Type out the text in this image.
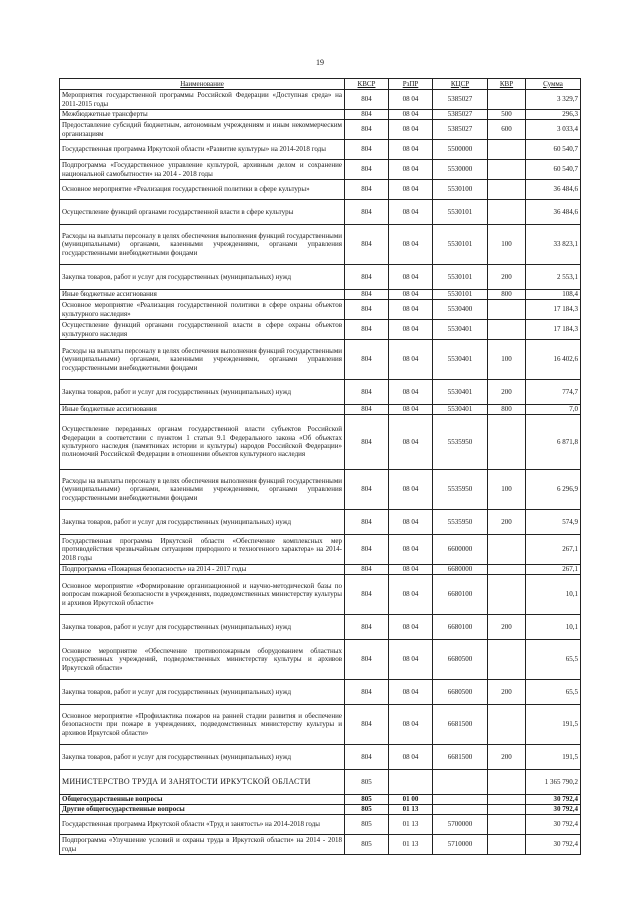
19
Наименование	КВСР	РзПР	КЦСР	КВР	Сумма
Мероприятия государственной программы Российской Федерации «Доступная среда» на 2011-2015 годы	804	08 04	5385027		3 329,7
Межбюджетные трансферты	804	08 04	5385027	500	296,3
Предоставление субсидий бюджетным, автономным учреждениям и иным некоммерческим организациям	804	08 04	5385027	600	3 033,4
Государственная программа Иркутской области «Развитие культуры» на 2014-2018 годы	804	08 04	5500000		60 540,7
Подпрограмма «Государственное управление культурой, архивным делом и сохранение национальной самобытности» на 2014 - 2018 годы	804	08 04	5530000		60 540,7
Основное мероприятие «Реализация государственной политики в сфере культуры»	804	08 04	5530100		36 484,6
Осуществление функций органами государственной власти в сфере культуры	804	08 04	5530101		36 484,6
Расходы на выплаты персоналу в целях обеспечения выполнения функций государственными (муниципальными) органами, казенными учреждениями, органами управления государственными внебюджетными фондами	804	08 04	5530101	100	33 823,1
Закупка товаров, работ и услуг для государственных (муниципальных) нужд	804	08 04	5530101	200	2 553,1
Иные бюджетные ассигнования	804	08 04	5530101	800	108,4
Основное мероприятие «Реализация государственной политики в сфере охраны объектов культурного наследия»	804	08 04	5530400		17 184,3
Осуществление функций органами государственной власти в сфере охраны объектов культурного наследия	804	08 04	5530401		17 184,3
Расходы на выплаты персоналу в целях обеспечения выполнения функций государственными (муниципальными) органами, казенными учреждениями, органами управления государственными внебюджетными фондами	804	08 04	5530401	100	16 402,6
Закупка товаров, работ и услуг для государственных (муниципальных) нужд	804	08 04	5530401	200	774,7
Иные бюджетные ассигнования	804	08 04	5530401	800	7,0
Осуществление переданных органам государственной власти субъектов Российской Федерации в соответствии с пунктом 1 статьи 9.1 Федерального закона «Об объектах культурного наследия (памятниках истории и культуры) народов Российской Федерации» полномочий Российской Федерации в отношении объектов культурного наследия	804	08 04	5535950		6 871,8
Расходы на выплаты персоналу в целях обеспечения выполнения функций государственными (муниципальными) органами, казенными учреждениями, органами управления государственными внебюджетными фондами	804	08 04	5535950	100	6 296,9
Закупка товаров, работ и услуг для государственных (муниципальных) нужд	804	08 04	5535950	200	574,9
Государственная программа Иркутской области «Обеспечение комплексных мер противодействия чрезвычайным ситуациям природного и техногенного характера» на 2014-2018 годы	804	08 04	6600000		267,1
Подпрограмма «Пожарная безопасность» на 2014 - 2017 годы	804	08 04	6680000		267,1
Основное мероприятие «Формирование организационной и научно-методической базы по вопросам пожарной безопасности в учреждениях, подведомственных министерству культуры и архивов Иркутской области»	804	08 04	6680100		10,1
Закупка товаров, работ и услуг для государственных (муниципальных) нужд	804	08 04	6680100	200	10,1
Основное мероприятие «Обеспечение противопожарным оборудованием областных государственных учреждений, подведомственных министерству культуры и архивов Иркутской области»	804	08 04	6680500		65,5
Закупка товаров, работ и услуг для государственных (муниципальных) нужд	804	08 04	6680500	200	65,5
Основное мероприятие «Профилактика пожаров на ранней стадии развития и обеспечение безопасности при пожаре в учреждениях, подведомственных министерству культуры и архивов Иркутской области»	804	08 04	6681500		191,5
Закупка товаров, работ и услуг для государственных (муниципальных) нужд	804	08 04	6681500	200	191,5
МИНИСТЕРСТВО ТРУДА И ЗАНЯТОСТИ ИРКУТСКОЙ ОБЛАСТИ	805				1 365 790,2
Общегосударственные вопросы	805	01 00			30 792,4
Другие общегосударственные вопросы	805	01 13			30 792,4
Государственная программа Иркутской области «Труд и занятость» на 2014-2018 годы	805	01 13	5700000		30 792,4
Подпрограмма «Улучшение условий и охраны труда в Иркутской области» на 2014 - 2018 годы	805	01 13	5710000		30 792,4
